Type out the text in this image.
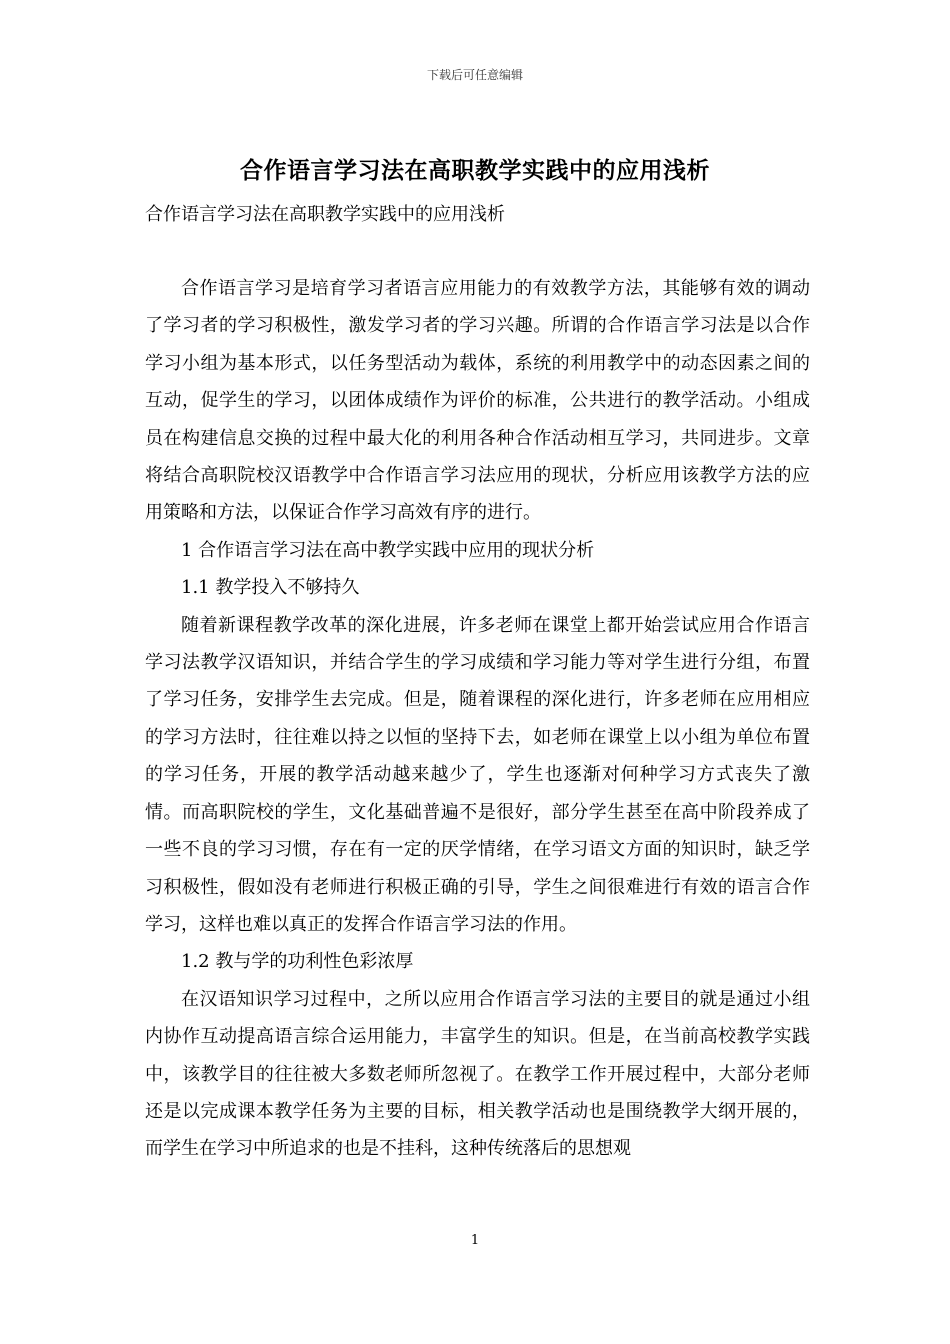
下载后可任意编辑
合作语言学习法在高职教学实践中的应用浅析
合作语言学习法在高职教学实践中的应用浅析

合作语言学习是培育学习者语言应用能力的有效教学方法，其能够有效的调动了学习者的学习积极性，激发学习者的学习兴趣。所谓的合作语言学习法是以合作学习小组为基本形式，以任务型活动为载体，系统的利用教学中的动态因素之间的互动，促学生的学习，以团体成绩作为评价的标准，公共进行的教学活动。小组成员在构建信息交换的过程中最大化的利用各种合作活动相互学习，共同进步。文章将结合高职院校汉语教学中合作语言学习法应用的现状，分析应用该教学方法的应用策略和方法，以保证合作学习高效有序的进行。

1 合作语言学习法在高中教学实践中应用的现状分析

1.1 教学投入不够持久

随着新课程教学改革的深化进展，许多老师在课堂上都开始尝试应用合作语言学习法教学汉语知识，并结合学生的学习成绩和学习能力等对学生进行分组，布置了学习任务，安排学生去完成。但是，随着课程的深化进行，许多老师在应用相应的学习方法时，往往难以持之以恒的坚持下去，如老师在课堂上以小组为单位布置的学习任务，开展的教学活动越来越少了，学生也逐渐对何种学习方式丧失了激情。而高职院校的学生，文化基础普遍不是很好，部分学生甚至在高中阶段养成了一些不良的学习习惯，存在有一定的厌学情绪，在学习语文方面的知识时，缺乏学习积极性，假如没有老师进行积极正确的引导，学生之间很难进行有效的语言合作学习，这样也难以真正的发挥合作语言学习法的作用。

1.2 教与学的功利性色彩浓厚

在汉语知识学习过程中，之所以应用合作语言学习法的主要目的就是通过小组内协作互动提高语言综合运用能力，丰富学生的知识。但是，在当前高校教学实践中，该教学目的往往被大多数老师所忽视了。在教学工作开展过程中，大部分老师还是以完成课本教学任务为主要的目标，相关教学活动也是围绕教学大纲开展的，而学生在学习中所追求的也是不挂科，这种传统落后的思想观

1
